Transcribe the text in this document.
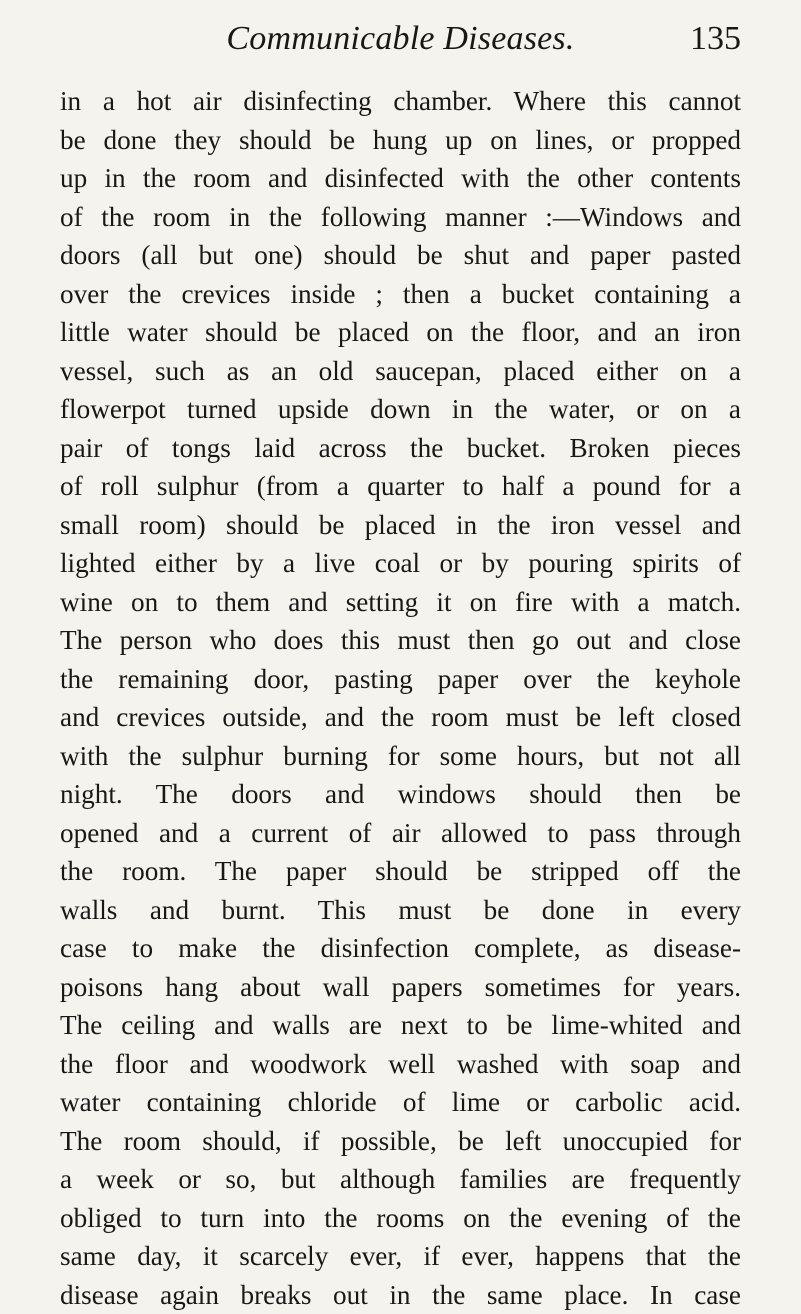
Communicable Diseases.	135

in a hot air disinfecting chamber. Where this cannot
be done they should be hung up on lines, or propped
up in the room and disinfected with the other contents
of the room in the following manner :—Windows and
doors (all but one) should be shut and paper pasted
over the crevices inside ; then a bucket containing a
little water should be placed on the floor, and an iron
vessel, such as an old saucepan, placed either on a
flowerpot turned upside down in the water, or on a
pair of tongs laid across the bucket. Broken pieces
of roll sulphur (from a quarter to half a pound for a
small room) should be placed in the iron vessel and
lighted either by a live coal or by pouring spirits of
wine on to them and setting it on fire with a match.
The person who does this must then go out and close
the remaining door, pasting paper over the keyhole
and crevices outside, and the room must be left closed
with the sulphur burning for some hours, but not all
night. The doors and windows should then be
opened and a current of air allowed to pass through
the room. The paper should be stripped off the
walls and burnt. This must be done in every
case to make the disinfection complete, as disease-
poisons hang about wall papers sometimes for years.
The ceiling and walls are next to be lime-whited and
the floor and woodwork well washed with soap and
water containing chloride of lime or carbolic acid.
The room should, if possible, be left unoccupied for
a week or so, but although families are frequently
obliged to turn into the rooms on the evening of the
same day, it scarcely ever, if ever, happens that the
disease again breaks out in the same place. In case
